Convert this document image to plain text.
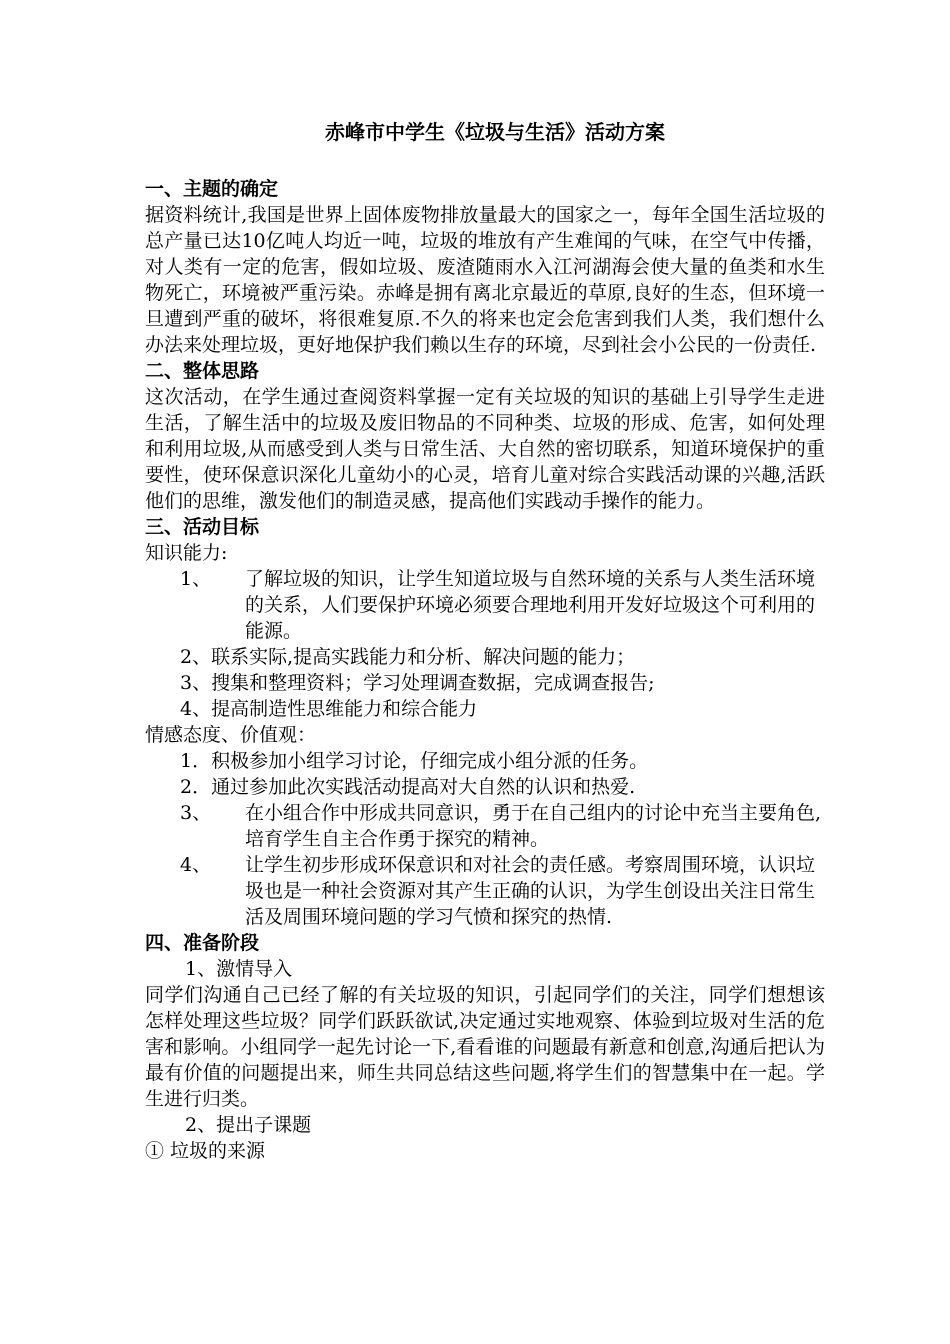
赤峰市中学生《垃圾与生活》活动方案

一、主题的确定

据资料统计,我国是世界上固体废物排放量最大的国家之一，每年全国生活垃圾的总产量已达10亿吨人均近一吨，垃圾的堆放有产生难闻的气味，在空气中传播，对人类有一定的危害，假如垃圾、废渣随雨水入江河湖海会使大量的鱼类和水生物死亡，环境被严重污染。赤峰是拥有离北京最近的草原,良好的生态，但环境一旦遭到严重的破坏，将很难复原.不久的将来也定会危害到我们人类，我们想什么办法来处理垃圾，更好地保护我们赖以生存的环境，尽到社会小公民的一份责任.

二、整体思路

这次活动，在学生通过查阅资料掌握一定有关垃圾的知识的基础上引导学生走进生活，了解生活中的垃圾及废旧物品的不同种类、垃圾的形成、危害，如何处理和利用垃圾,从而感受到人类与日常生活、大自然的密切联系，知道环境保护的重要性，使环保意识深化儿童幼小的心灵，培育儿童对综合实践活动课的兴趣,活跃他们的思维，激发他们的制造灵感，提高他们实践动手操作的能力。

三、活动目标

知识能力:

1、 了解垃圾的知识，让学生知道垃圾与自然环境的关系与人类生活环境的关系，人们要保护环境必须要合理地利用开发好垃圾这个可利用的能源。

2、联系实际,提高实践能力和分析、解决问题的能力；

3、搜集和整理资料；学习处理调查数据，完成调查报告;

4、提高制造性思维能力和综合能力

情感态度、价值观：

1．积极参加小组学习讨论，仔细完成小组分派的任务。

2．通过参加此次实践活动提高对大自然的认识和热爱.

3、 在小组合作中形成共同意识，勇于在自己组内的讨论中充当主要角色,培育学生自主合作勇于探究的精神。

4、 让学生初步形成环保意识和对社会的责任感。考察周围环境，认识垃圾也是一种社会资源对其产生正确的认识，为学生创设出关注日常生活及周围环境问题的学习气愤和探究的热情.

四、准备阶段

1、激情导入

同学们沟通自己已经了解的有关垃圾的知识，引起同学们的关注，同学们想想该怎样处理这些垃圾？同学们跃跃欲试,决定通过实地观察、体验到垃圾对生活的危害和影响。小组同学一起先讨论一下,看看谁的问题最有新意和创意,沟通后把认为最有价值的问题提出来，师生共同总结这些问题,将学生们的智慧集中在一起。学生进行归类。

2、提出子课题

① 垃圾的来源
